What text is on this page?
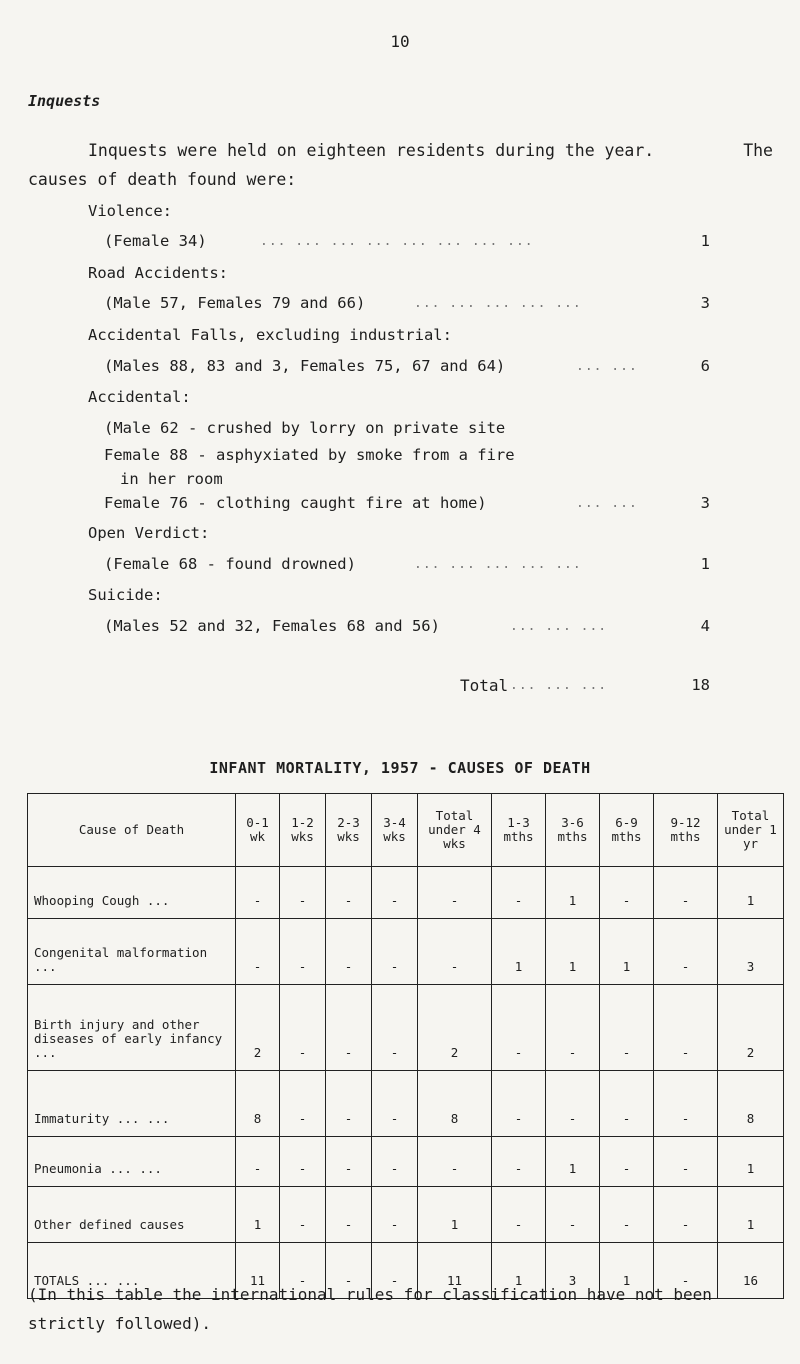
10
Inquests
Inquests were held on eighteen residents during the year.	The
causes of death found were:
Violence:
(Female 34)	... ... ... ... ... ... ... ...	1
Road Accidents:
(Male 57, Females 79 and 66)	... ... ... ... ...	3
Accidental Falls, excluding industrial:
(Males 88, 83 and 3, Females 75, 67 and 64)	... ...	6
Accidental:
(Male 62 - crushed by lorry on private site
Female 88 - asphyxiated by smoke from a fire
in her room
Female 76 - clothing caught fire at home)	... ...	3
Open Verdict:
(Female 68 - found drowned)	... ... ... ... ...	1
Suicide:
(Males 52 and 32, Females 68 and 56)	... ... ...	4
Total ... ... ...	18
INFANT MORTALITY, 1957 - CAUSES OF DEATH
Cause of Death	0-1 wk	1-2 wks	2-3 wks	3-4 wks	Total under 4 wks	1-3 mths	3-6 mths	6-9 mths	9-12 mths	Total under 1 yr
Whooping Cough ...	-	-	-	-	-	-	1	-	-	1
Congenital malformation ...	-	-	-	-	-	1	1	1	-	3
Birth injury and other diseases of early infancy ...	2	-	-	-	2	-	-	-	-	2
Immaturity ... ...	8	-	-	-	8	-	-	-	-	8
Pneumonia ... ...	-	-	-	-	-	-	1	-	-	1
Other defined causes	1	-	-	-	1	-	-	-	-	1
TOTALS ... ...	11	-	-	-	11	1	3	1	-	16
(In this table the international rules for classification have not been strictly followed).
